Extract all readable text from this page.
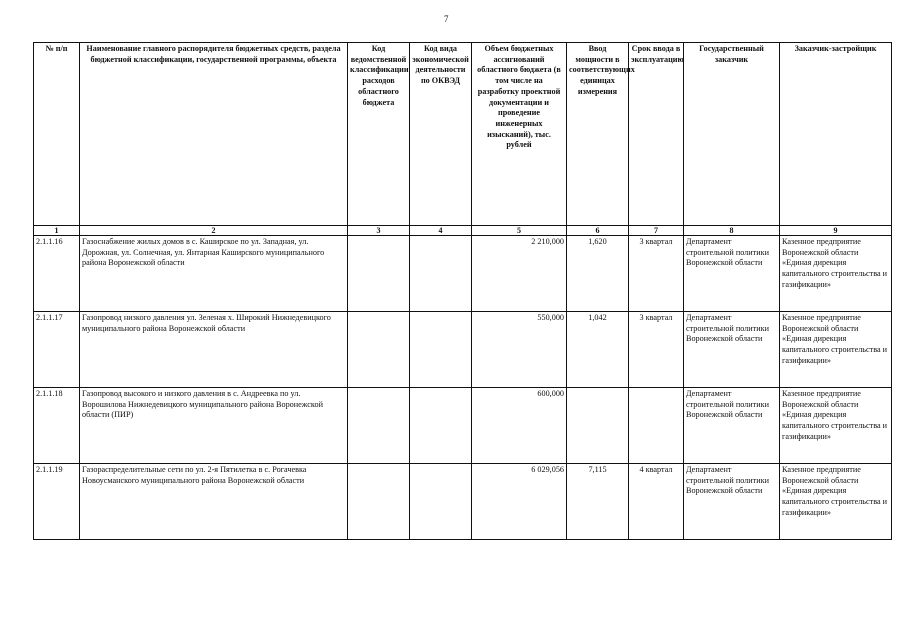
7
№ п/п	Наименование главного распорядителя бюджетных средств, раздела бюджетной классификации, государственной программы, объекта	Код ведомственной классификации расходов областного бюджета	Код вида экономической деятельности по ОКВЭД	Объем бюджетных ассигнований областного бюджета (в том числе на разработку проектной документации и проведение инженерных изысканий), тыс. рублей	Ввод мощности в соответствующих единицах измерения	Срок ввода в эксплуатацию	Государственный заказчик	Заказчик-застройщик
1	2	3	4	5	6	7	8	9
2.1.1.16	Газоснабжение жилых домов в с. Каширское по ул. Западная, ул. Дорожная, ул. Солнечная, ул. Янтарная Каширского муниципального района Воронежской области			2 210,000	1,620	3 квартал	Департамент строительной политики Воронежской области	Казенное предприятие Воронежской области «Единая дирекция капитального строительства и газификации»
2.1.1.17	Газопровод низкого давления ул. Зеленая х. Широкий Нижнедевицкого муниципального района Воронежской области			550,000	1,042	3 квартал	Департамент строительной политики Воронежской области	Казенное предприятие Воронежской области «Единая дирекция капитального строительства и газификации»
2.1.1.18	Газопровод высокого и низкого давления в с. Андреевка по ул. Ворошилова Нижнедевицкого муниципального района Воронежской области (ПИР)			600,000			Департамент строительной политики Воронежской области	Казенное предприятие Воронежской области «Единая дирекция капитального строительства и газификации»
2.1.1.19	Газораспределительные сети по ул. 2-я Пятилетка в с. Рогачевка Новоусманского муниципального района Воронежской области			6 029,056	7,115	4 квартал	Департамент строительной политики Воронежской области	Казенное предприятие Воронежской области «Единая дирекция капитального строительства и газификации»
